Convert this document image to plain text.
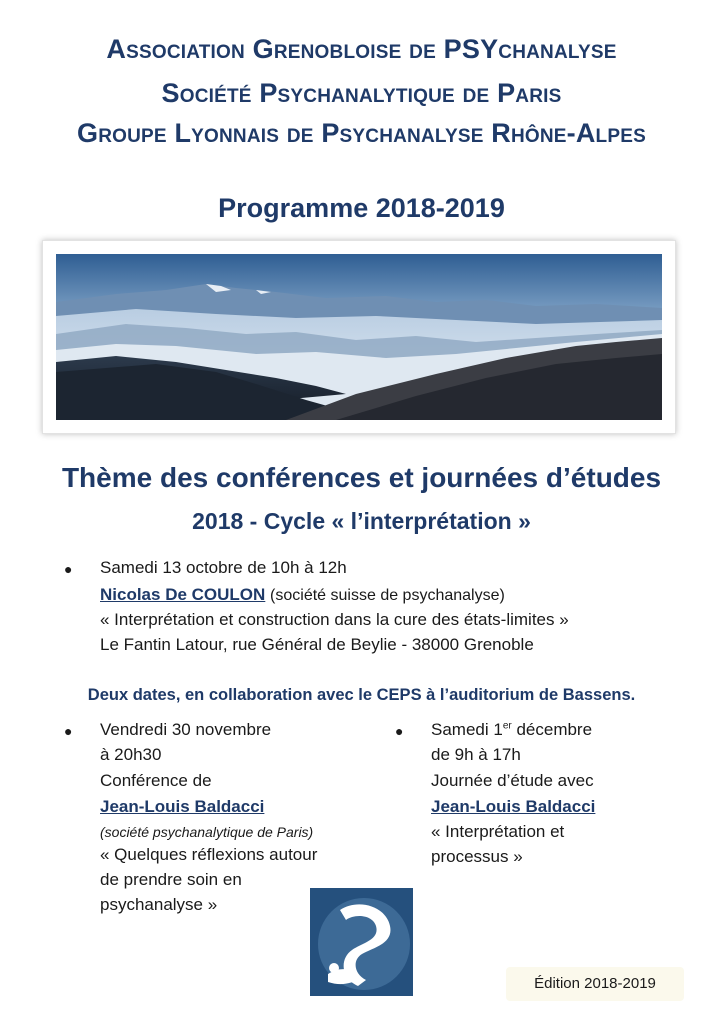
Association Grenobloise de PSYchanalyse
Société Psychanalytique de Paris
Groupe Lyonnais de Psychanalyse Rhône-Alpes
Programme 2018-2019
Thème des conférences et journées d’études
2018 - Cycle « l’interprétation »
● Samedi 13 octobre de 10h à 12h
Nicolas De COULON (société suisse de psychanalyse)
« Interprétation et construction dans la cure des états-limites »
Le Fantin Latour, rue Général de Beylie - 38000 Grenoble
Deux dates, en collaboration avec le CEPS à l’auditorium de Bassens.
● Vendredi 30 novembre
à 20h30
Conférence de
Jean-Louis Baldacci
(société psychanalytique de Paris)
« Quelques réflexions autour
de prendre soin en
psychanalyse »
● Samedi 1er décembre
de 9h à 17h
Journée d’étude avec
Jean-Louis Baldacci
« Interprétation et
processus »
Édition 2018-2019
